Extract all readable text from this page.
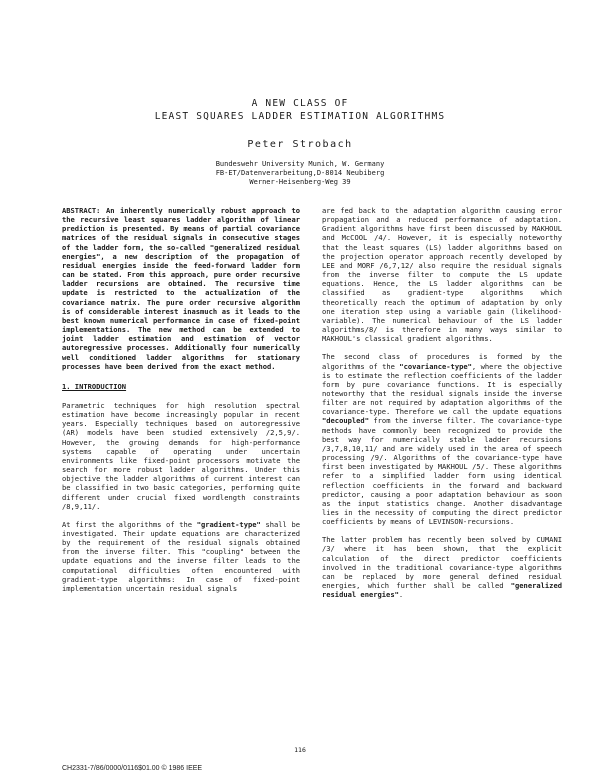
A NEW CLASS OF
LEAST SQUARES LADDER ESTIMATION ALGORITHMS
Peter Strobach
Bundeswehr University Munich, W. Germany
FB-ET/Datenverarbeitung,D-8014 Neubiberg
Werner-Heisenberg-Weg 39

ABSTRACT: An inherently numerically robust approach to the recursive least squares ladder algorithm of linear prediction is presented. By means of partial covariance matrices of the residual signals in consecutive stages of the ladder form, the so-called "generalized residual energies", a new description of the propagation of residual energies inside the feed-forward ladder form can be stated. From this approach, pure order recursive ladder recursions are obtained. The recursive time update is restricted to the actualization of the covariance matrix. The pure order recursive algorithm is of considerable interest inasmuch as it leads to the best known numerical performance in case of fixed-point implementations. The new method can be extended to joint ladder estimation and estimation of vector autoregressive processes. Additionally four numerically well conditioned ladder algorithms for stationary processes have been derived from the exact method.

1. INTRODUCTION

Parametric techniques for high resolution spectral estimation have become increasingly popular in recent years. Especially techniques based on autoregressive (AR) models have been studied extensively /2,5,9/. However, the growing demands for high-performance systems capable of operating under uncertain environments like fixed-point processors motivate the search for more robust ladder algorithms. Under this objective the ladder algorithms of current interest can be classified in two basic categories, performing quite different under crucial fixed wordlength constraints /8,9,11/.

At first the algorithms of the "gradient-type" shall be investigated. Their update equations are characterized by the requirement of the residual signals obtained from the inverse filter. This "coupling" between the update equations and the inverse filter leads to the computational difficulties often encountered with gradient-type algorithms: In case of fixed-point implementation uncertain residual signals

are fed back to the adaptation algorithm causing error propagation and a reduced performance of adaptation. Gradient algorithms have first been discussed by MAKHOUL and McCOOL /4/. However, it is especially noteworthy that the least squares (LS) ladder algorithms based on the projection operator approach recently developed by LEE and MORF /6,7,12/ also require the residual signals from the inverse filter to compute the LS update equations. Hence, the LS ladder algorithms can be classified as gradient-type algorithms which theoretically reach the optimum of adaptation by only one iteration step using a variable gain (likelihood-variable). The numerical behaviour of the LS ladder algorithms/8/ is therefore in many ways similar to MAKHOUL's classical gradient algorithms.

The second class of procedures is formed by the algorithms of the "covariance-type", where the objective is to estimate the reflection coefficients of the ladder form by pure covariance functions. It is especially noteworthy that the residual signals inside the inverse filter are not required by adaptation algorithms of the covariance-type. Therefore we call the update equations "decoupled" from the inverse filter. The covariance-type methods have commonly been recognized to provide the best way for numerically stable ladder recursions /3,7,8,10,11/ and are widely used in the area of speech processing /9/. Algorithms of the covariance-type have first been investigated by MAKHOUL /5/. These algorithms refer to a simplified ladder form using identical reflection coefficients in the forward and backward predictor, causing a poor adaptation behaviour as soon as the input statistics change. Another disadvantage lies in the necessity of computing the direct predictor coefficients by means of LEVINSON-recursions.

The latter problem has recently been solved by CUMANI /3/ where it has been shown, that the explicit calculation of the direct predictor coefficients involved in the traditional covariance-type algorithms can be replaced by more general defined residual energies, which further shall be called "generalized residual energies".

116
CH2331-7/86/0000/0116$01.00 © 1986 IEEE
